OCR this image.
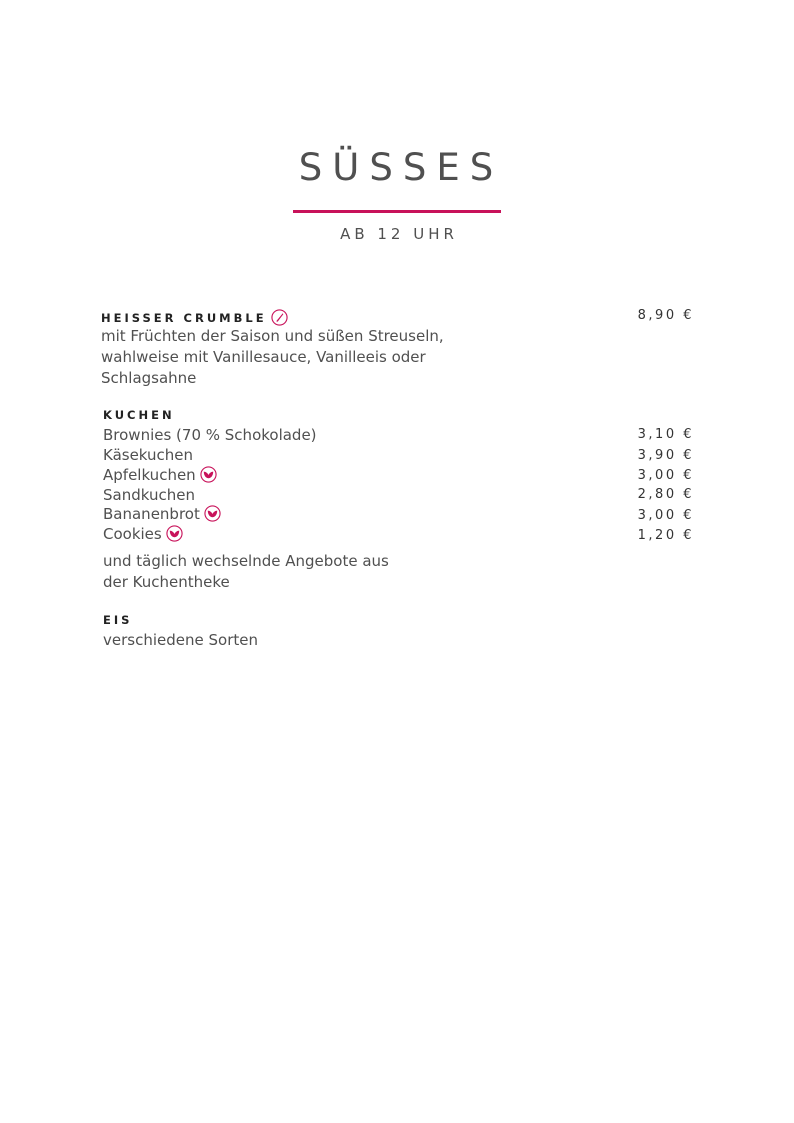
SÜSSES
AB 12 UHR
HEISSER CRUMBLE	8,90 €
mit Früchten der Saison und süßen Streuseln, wahlweise mit Vanillesauce, Vanilleeis oder Schlagsahne
KUCHEN
Brownies (70 % Schokolade)	3,10 €
Käsekuchen	3,90 €
Apfelkuchen	3,00 €
Sandkuchen	2,80 €
Bananenbrot	3,00 €
Cookies	1,20 €
und täglich wechselnde Angebote aus der Kuchentheke
EIS
verschiedene Sorten
